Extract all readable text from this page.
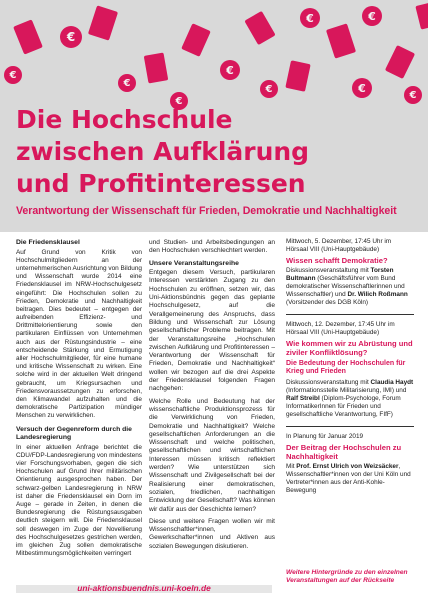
€
€
€
€
€
€	€
€
€
€
Die Hochschule
zwischen Aufklärung
und Profitinteressen

Verantwortung der Wissenschaft für Frieden, Demokratie und Nachhaltigkeit

Die Friedensklausel

Auf Grund von Kritik von Hochschulmitgliedern an der unternehmerischen Ausrichtung von Bildung und Wissenschaft wurde 2014 eine Friedensklausel im NRW-Hochschulgesetz eingeführt: Die Hochschulen sollen zu Frieden, Demokratie und Nachhaltigkeit beitragen. Dies bedeutet – entgegen der aufreibenden Effizienz- und Drittmittelorientierung sowie den partikularen Einflüssen von Unternehmen auch aus der Rüstungsindustrie – eine entscheidende Stärkung und Ermutigung aller Hochschulmitglieder, für eine humane und kritische Wissenschaft zu wirken. Eine solche wird in der aktuellen Welt dringend gebraucht, um Kriegsursachen und Friedensvoraussetzungen zu erforschen, den Klimawandel aufzuhalten und die demokratische Partizipation mündiger Menschen zu verwirklichen.

Versuch der Gegenreform durch die Landesregierung

In einer aktuellen Anfrage berichtet die CDU/FDP-Landesregierung von mindestens vier Forschungsvorhaben, gegen die sich Hochschulen auf Grund ihrer militärischen Orientierung ausgesprochen haben. Der schwarz-gelben Landesregierung in NRW ist daher die Friedensklausel ein Dorn im Auge – gerade in Zeiten, in denen die Bundesregierung die Rüstungsausgaben deutlich steigern will. Die Friedensklausel soll deswegen im Zuge der Novellierung des Hochschulgesetzes gestrichen werden, im gleichen Zug sollen demokratische Mitbestimmungsmöglichkeiten verringert

und Studien- und Arbeitsbedingungen an den Hochschulen verschlechtert werden.

Unsere Veranstaltungsreihe

Entgegen diesem Versuch, partikularen Interessen verstärkten Zugang zu den Hochschulen zu eröffnen, setzen wir, das Uni-Aktionsbündnis gegen das geplante Hochschulgesetz, auf die Verallgemeinerung des Anspruchs, dass Bildung und Wissenschaft zur Lösung gesellschaftlicher Probleme beitragen. Mit der Veranstaltungsreihe „Hochschulen zwischen Aufklärung und Profitinteressen – Verantwortung der Wissenschaft für Frieden, Demokratie und Nachhaltigkeit“ wollen wir bezogen auf die drei Aspekte der Friedensklausel folgenden Fragen nachgehen:

Welche Rolle und Bedeutung hat der wissenschaftliche Produktionsprozess für die Verwirklichung von Frieden, Demokratie und Nachhaltigkeit? Welche gesellschaftlichen Anforderungen an die Wissenschaft und welche politischen, gesellschaftlichen und wirtschaftlichen Interessen müssen kritisch reflektiert werden? Wie unterstützen sich Wissenschaft und Zivilgesellschaft bei der Realisierung einer demokratischen, sozialen, friedlichen, nachhaltigen Entwicklung der Gesellschaft? Was können wir dafür aus der Geschichte lernen?

Diese und weitere Fragen wollen wir mit Wissenschaftler*innen, Gewerkschafter*innen und Aktiven aus sozialen Bewegungen diskutieren.

Mittwoch, 5. Dezember, 17:45 Uhr im Hörsaal VIII (Uni-Hauptgebäude)
Wissen schafft Demokratie?
Diskussionsveranstaltung mit Torsten Bultmann (Geschäftsführer vom Bund demokratischer Wissenschaftlerinnen und Wissenschaftler) und Dr. Wilich Roßmann (Vorsitzender des DGB Köln)
Mittwoch, 12. Dezember, 17:45 Uhr im Hörsaal VIII (Uni-Hauptgebäude)
Wie kommen wir zu Abrüstung und ziviler Konfliktlösung?
Die Bedeutung der Hochschulen für Krieg und Frieden
Diskussionsveranstaltung mit Claudia Haydt (Informationsstelle Militarisierung, IMI) und Ralf Streibl (Diplom-Psychologe, Forum InformatikerInnen für Frieden und gesellschaftliche Verantwortung, FIfF)
In Planung für Januar 2019
Der Beitrag der Hochschulen zu Nachhaltigkeit
Mit Prof. Ernst Ulrich von Weizsäcker, Wissenschaftler*innen von der Uni Köln und Vertreter*innen aus der Anti-Kohle-Bewegung
Weitere Hintergründe zu den einzelnen Veranstaltungen auf der Rückseite
uni-aktionsbuendnis.uni-koeln.de
